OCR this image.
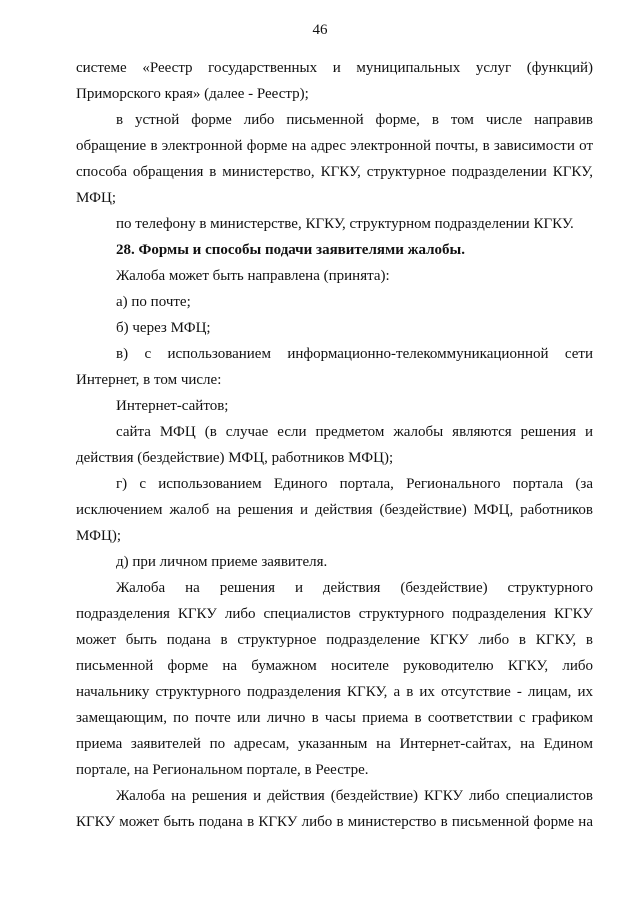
46

системе «Реестр государственных и муниципальных услуг (функций) Приморского края» (далее - Реестр);

в устной форме либо письменной форме, в том числе направив обращение в электронной форме на адрес электронной почты, в зависимости от способа обращения в министерство, КГКУ, структурное подразделении КГКУ, МФЦ;

по телефону в министерстве, КГКУ, структурном подразделении КГКУ.

28. Формы и способы подачи заявителями жалобы.

Жалоба может быть направлена (принята):

а) по почте;

б) через МФЦ;

в) с использованием информационно-телекоммуникационной сети Интернет, в том числе:

Интернет-сайтов;

сайта МФЦ (в случае если предметом жалобы являются решения и действия (бездействие) МФЦ, работников МФЦ);

г) с использованием Единого портала, Регионального портала (за исключением жалоб на решения и действия (бездействие) МФЦ, работников МФЦ);

д) при личном приеме заявителя.

Жалоба на решения и действия (бездействие) структурного подразделения КГКУ либо специалистов структурного подразделения КГКУ может быть подана в структурное подразделение КГКУ либо в КГКУ, в письменной форме на бумажном носителе руководителю КГКУ, либо начальнику структурного подразделения КГКУ, а в их отсутствие - лицам, их замещающим, по почте или лично в часы приема в соответствии с графиком приема заявителей по адресам, указанным на Интернет-сайтах, на Едином портале, на Региональном портале, в Реестре.

Жалоба на решения и действия (бездействие) КГКУ либо специалистов КГКУ может быть подана в КГКУ либо в министерство в письменной форме на
